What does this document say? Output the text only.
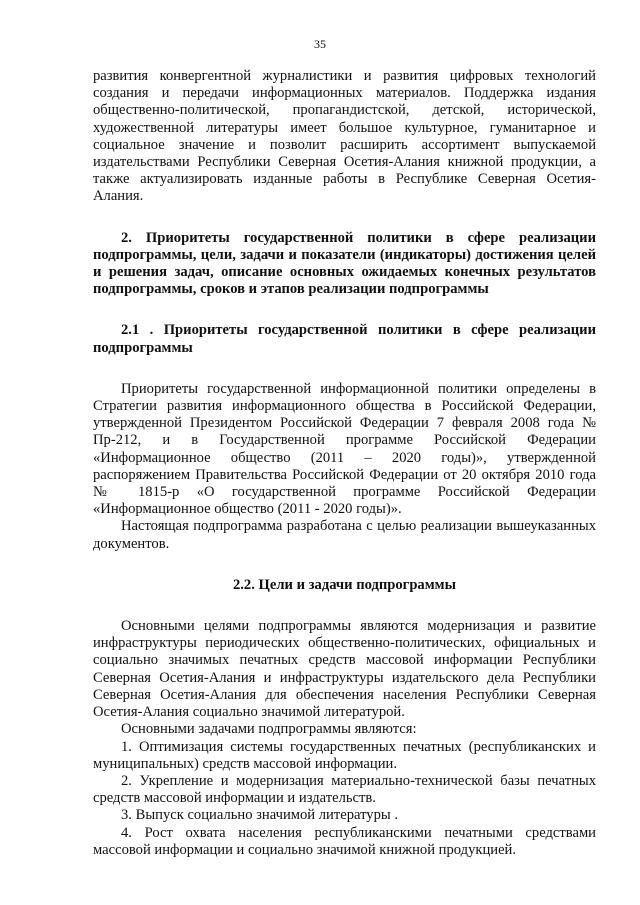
35

развития конвергентной журналистики и развития цифровых технологий создания и передачи информационных материалов. Поддержка издания общественно-политической, пропагандистской, детской, исторической, художественной литературы имеет большое культурное, гуманитарное и социальное значение и позволит расширить ассортимент выпускаемой издательствами Республики Северная Осетия-Алания книжной продукции, а также актуализировать изданные работы в Республике Северная Осетия-Алания.

2. Приоритеты государственной политики в сфере реализации подпрограммы, цели, задачи и показатели (индикаторы) достижения целей и решения задач, описание основных ожидаемых конечных результатов подпрограммы, сроков и этапов реализации подпрограммы

2.1 . Приоритеты государственной политики в сфере реализации подпрограммы

Приоритеты государственной информационной политики определены в Стратегии развития информационного общества в Российской Федерации, утвержденной Президентом Российской Федерации 7 февраля 2008 года № Пр-212, и в Государственной программе Российской Федерации «Информационное общество (2011 – 2020 годы)», утвержденной распоряжением Правительства Российской Федерации от 20 октября 2010 года № 1815-р «О государственной программе Российской Федерации «Информационное общество (2011 - 2020 годы)».

Настоящая подпрограмма разработана с целью реализации вышеуказанных документов.

2.2. Цели и задачи подпрограммы

Основными целями подпрограммы являются модернизация и развитие инфраструктуры периодических общественно-политических, официальных и социально значимых печатных средств массовой информации Республики Северная Осетия-Алания и инфраструктуры издательского дела Республики Северная Осетия-Алания для обеспечения населения Республики Северная Осетия-Алания социально значимой литературой.

Основными задачами подпрограммы являются:

1. Оптимизация системы государственных печатных (республиканских и муниципальных) средств массовой информации.

2. Укрепление и модернизация материально-технической базы печатных средств массовой информации и издательств.

3. Выпуск социально значимой литературы .

4. Рост охвата населения республиканскими печатными средствами массовой информации и социально значимой книжной продукцией.
